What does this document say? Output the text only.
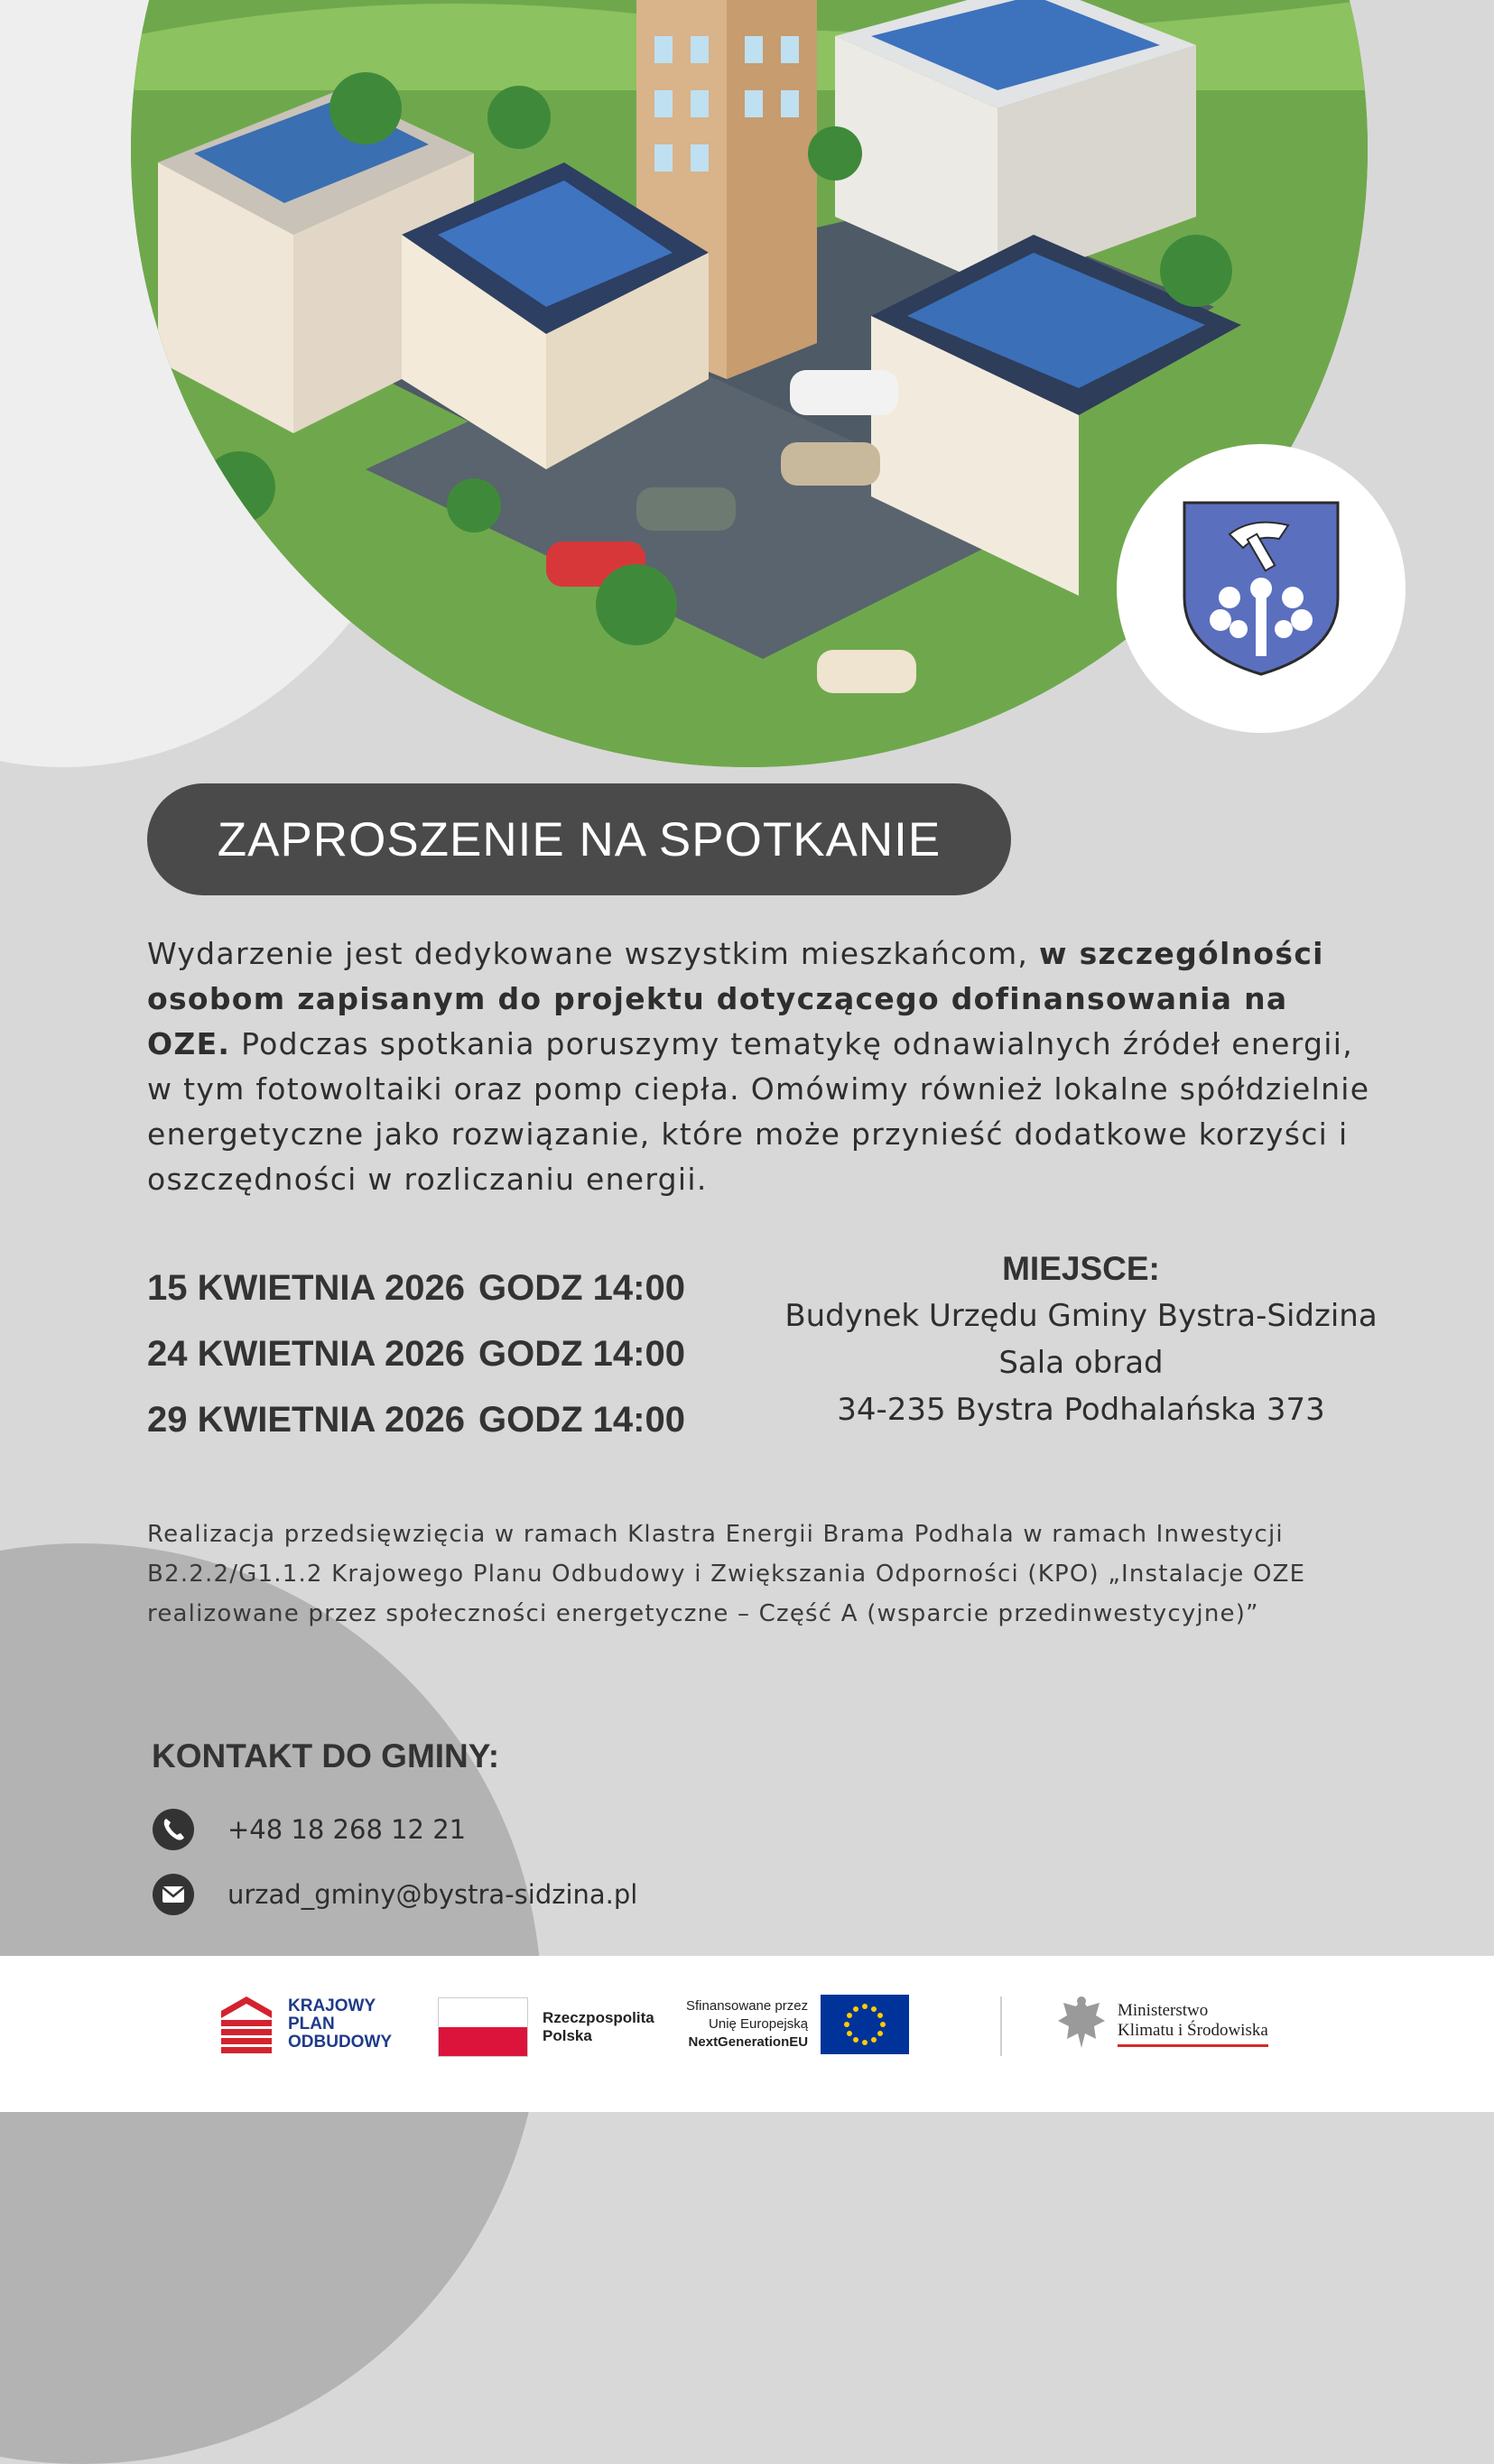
ZAPROSZENIE NA SPOTKANIE
Wydarzenie jest dedykowane wszystkim mieszkańcom, w szczególności osobom zapisanym do projektu dotyczącego dofinansowania na OZE. Podczas spotkania poruszymy tematykę odnawialnych źródeł energii, w tym fotowoltaiki oraz pomp ciepła. Omówimy również lokalne spółdzielnie energetyczne jako rozwiązanie, które może przynieść dodatkowe korzyści i oszczędności w rozliczaniu energii.
15 KWIETNIA 2026 GODZ 14:00
24 KWIETNIA 2026 GODZ 14:00
29 KWIETNIA 2026 GODZ 14:00
MIEJSCE:
Budynek Urzędu Gminy Bystra-Sidzina
Sala obrad
34-235 Bystra Podhalańska 373
Realizacja przedsięwzięcia w ramach Klastra Energii Brama Podhala w ramach Inwestycji B2.2.2/G1.1.2 Krajowego Planu Odbudowy i Zwiększania Odporności (KPO) „Instalacje OZE realizowane przez społeczności energetyczne – Część A (wsparcie przedinwestycyjne)”
KONTAKT DO GMINY:
+48 18 268 12 21
urzad_gminy@bystra-sidzina.pl
KRAJOWY
PLAN
ODBUDOWY
Rzeczpospolita
Polska
Sfinansowane przez
Unię Europejską
NextGenerationEU
Ministerstwo
Klimatu i Środowiska
